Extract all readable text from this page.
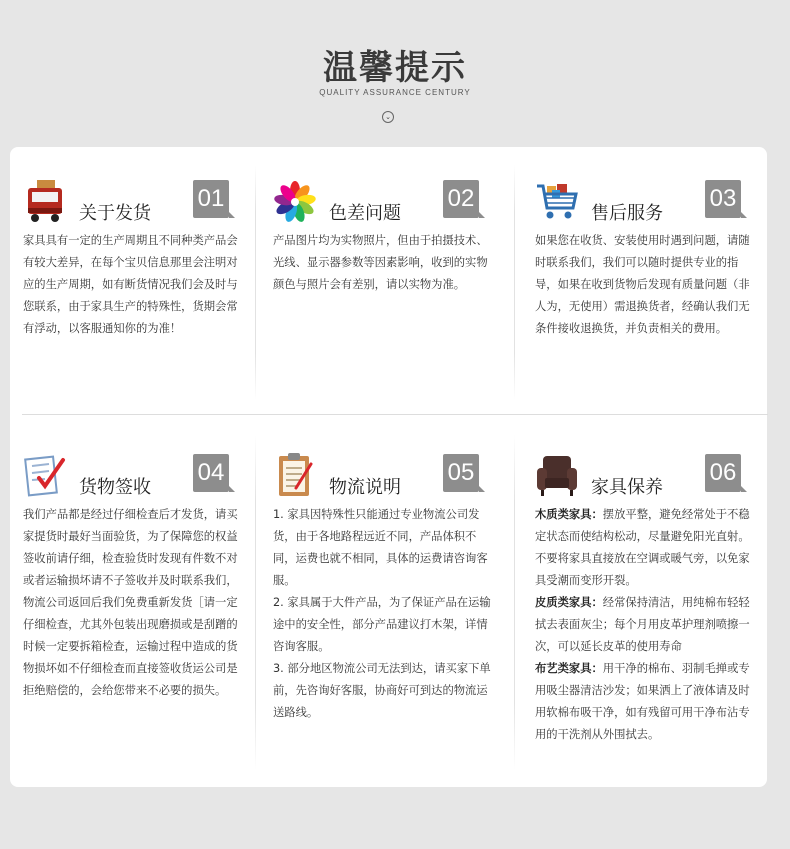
温馨提示
QUALITY ASSURANCE CENTURY
⌄
关于发货
01

家具具有一定的生产周期且不同种类产品会有较大差异，在每个宝贝信息那里会注明对应的生产周期，如有断货情况我们会及时与您联系，由于家具生产的特殊性，货期会常有浮动，以客服通知你的为准！

色差问题
02

产品图片均为实物照片，但由于拍摄技术、光线、显示器参数等因素影响，收到的实物颜色与照片会有差别，请以实物为准。

售后服务
03

如果您在收货、安装使用时遇到问题，请随时联系我们，我们可以随时提供专业的指导，如果在收到货物后发现有质量问题（非人为，无使用）需退换货者，经确认我们无条件接收退换货，并负责相关的费用。

货物签收
04

我们产品都是经过仔细检查后才发货，请买家提货时最好当面验货，为了保障您的权益签收前请仔细，检查验货时发现有件数不对或者运输损坏请不子签收并及时联系我们，物流公司返回后我们免费重新发货［请一定仔细检查，尤其外包装出现磨损或是刮蹭的时候一定要拆箱检查，运输过程中造成的货物损坏如不仔细检查而直接签收货运公司是拒绝赔偿的，会给您带来不必要的损失。

物流说明
05

1. 家具因特殊性只能通过专业物流公司发货，由于各地路程远近不同，产品体积不同，运费也就不相同，具体的运费请咨询客服。

2. 家具属于大件产品，为了保证产品在运输途中的安全性，部分产品建议打木架，详情咨询客服。

3. 部分地区物流公司无法到达，请买家下单前，先咨询好客服，协商好可到达的物流运送路线。

家具保养
06

木质类家具：摆放平整，避免经常处于不稳定状态而使结构松动，尽量避免阳光直射。不要将家具直接放在空调或暖气旁，以免家具受潮而变形开裂。

皮质类家具：经常保持清洁，用纯棉布轻轻拭去表面灰尘；每个月用皮革护理剂喷擦一次，可以延长皮革的使用寿命

布艺类家具：用干净的棉布、羽制毛掸或专用吸尘器清洁沙发；如果洒上了液体请及时用软棉布吸干净，如有残留可用干净布沾专用的干洗剂从外围拭去。
